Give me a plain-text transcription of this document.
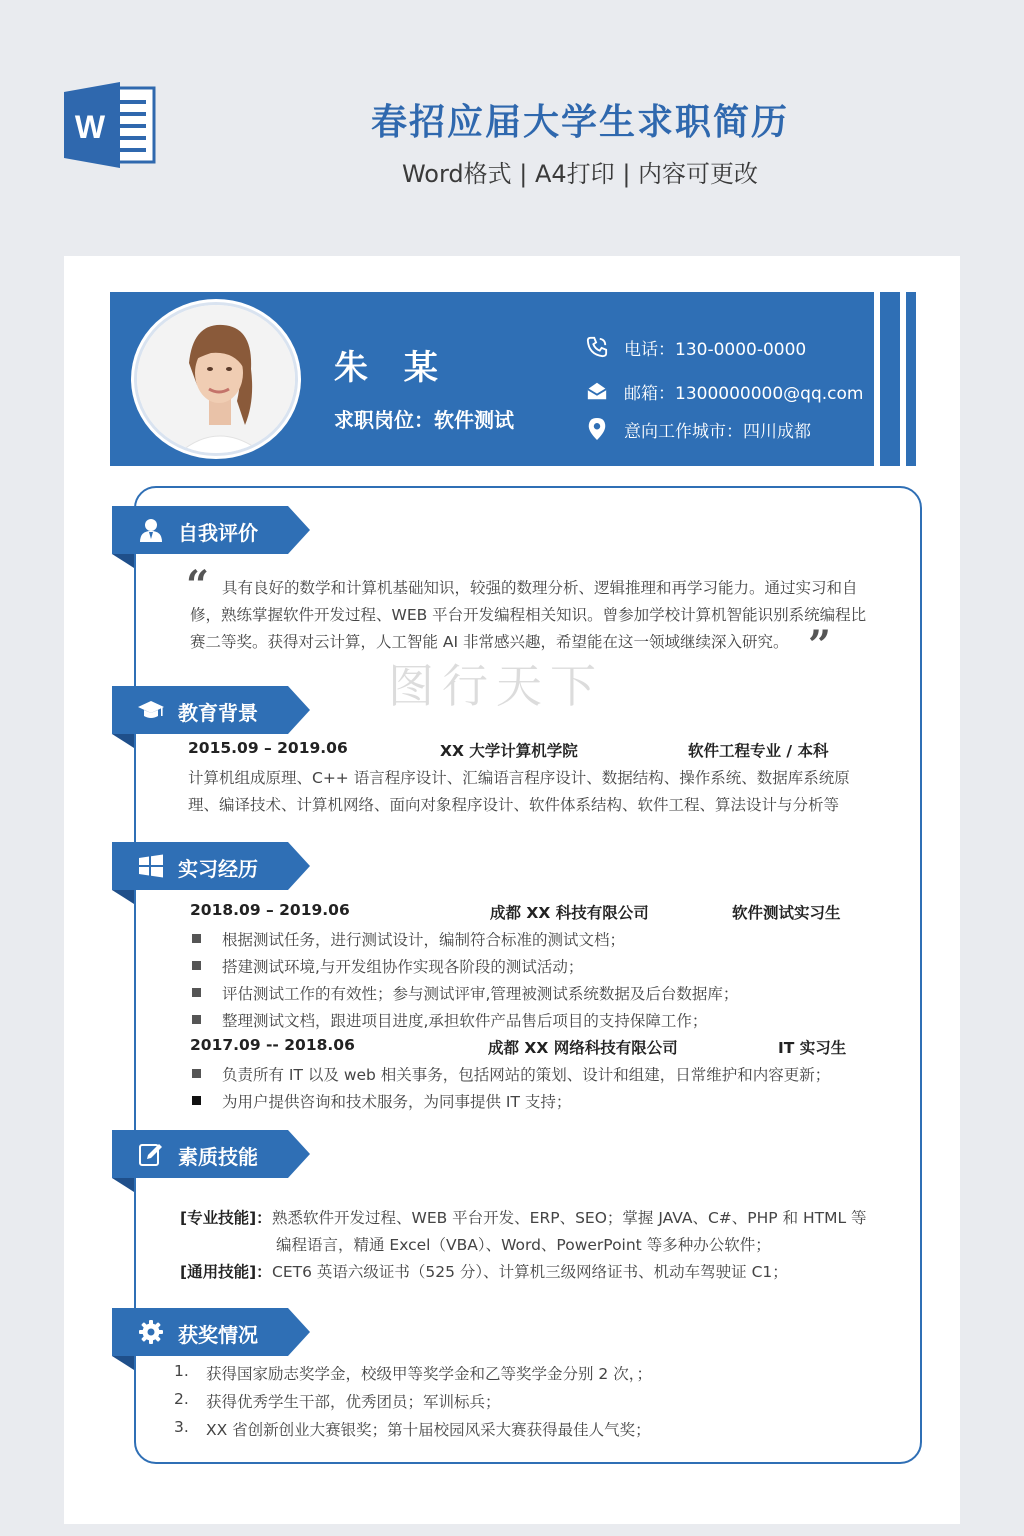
W	春招应届大学生求职简历
Word格式 | A4打印 | 内容可更改
朱 某
求职岗位：软件测试
电话：130-0000-0000
邮箱：1300000000@qq.com
意向工作城市：四川成都
图行天下
自我评价
“ 具有良好的数学和计算机基础知识，较强的数理分析、逻辑推理和再学习能力。通过实习和自
修，熟练掌握软件开发过程、WEB 平台开发编程相关知识。曾参加学校计算机智能识别系统编程比
赛二等奖。获得对云计算，人工智能 AI 非常感兴趣，希望能在这一领域继续深入研究。 ”
教育背景
2015.09 – 2019.06	XX 大学计算机学院	软件工程专业 / 本科
计算机组成原理、C++ 语言程序设计、汇编语言程序设计、数据结构、操作系统、数据库系统原
理、编译技术、计算机网络、面向对象程序设计、软件体系结构、软件工程、算法设计与分析等
实习经历
2018.09 – 2019.06	成都 XX 科技有限公司	软件测试实习生
根据测试任务，进行测试设计，编制符合标准的测试文档；
搭建测试环境,与开发组协作实现各阶段的测试活动；
评估测试工作的有效性；参与测试评审,管理被测试系统数据及后台数据库；
整理测试文档，跟进项目进度,承担软件产品售后项目的支持保障工作；
2017.09 -- 2018.06	成都 XX 网络科技有限公司	IT 实习生
负责所有 IT 以及 web 相关事务，包括网站的策划、设计和组建，日常维护和内容更新；
为用户提供咨询和技术服务，为同事提供 IT 支持；
素质技能
[专业技能]： 熟悉软件开发过程、WEB 平台开发、ERP、SEO；掌握 JAVA、C#、PHP 和 HTML 等
编程语言，精通 Excel（VBA）、Word、PowerPoint 等多种办公软件；
[通用技能]： CET6 英语六级证书（525 分）、计算机三级网络证书、机动车驾驶证 C1；
获奖情况
1. 获得国家励志奖学金，校级甲等奖学金和乙等奖学金分别 2 次，；
2. 获得优秀学生干部，优秀团员；军训标兵；
3. XX 省创新创业大赛银奖；第十届校园风采大赛获得最佳人气奖；
